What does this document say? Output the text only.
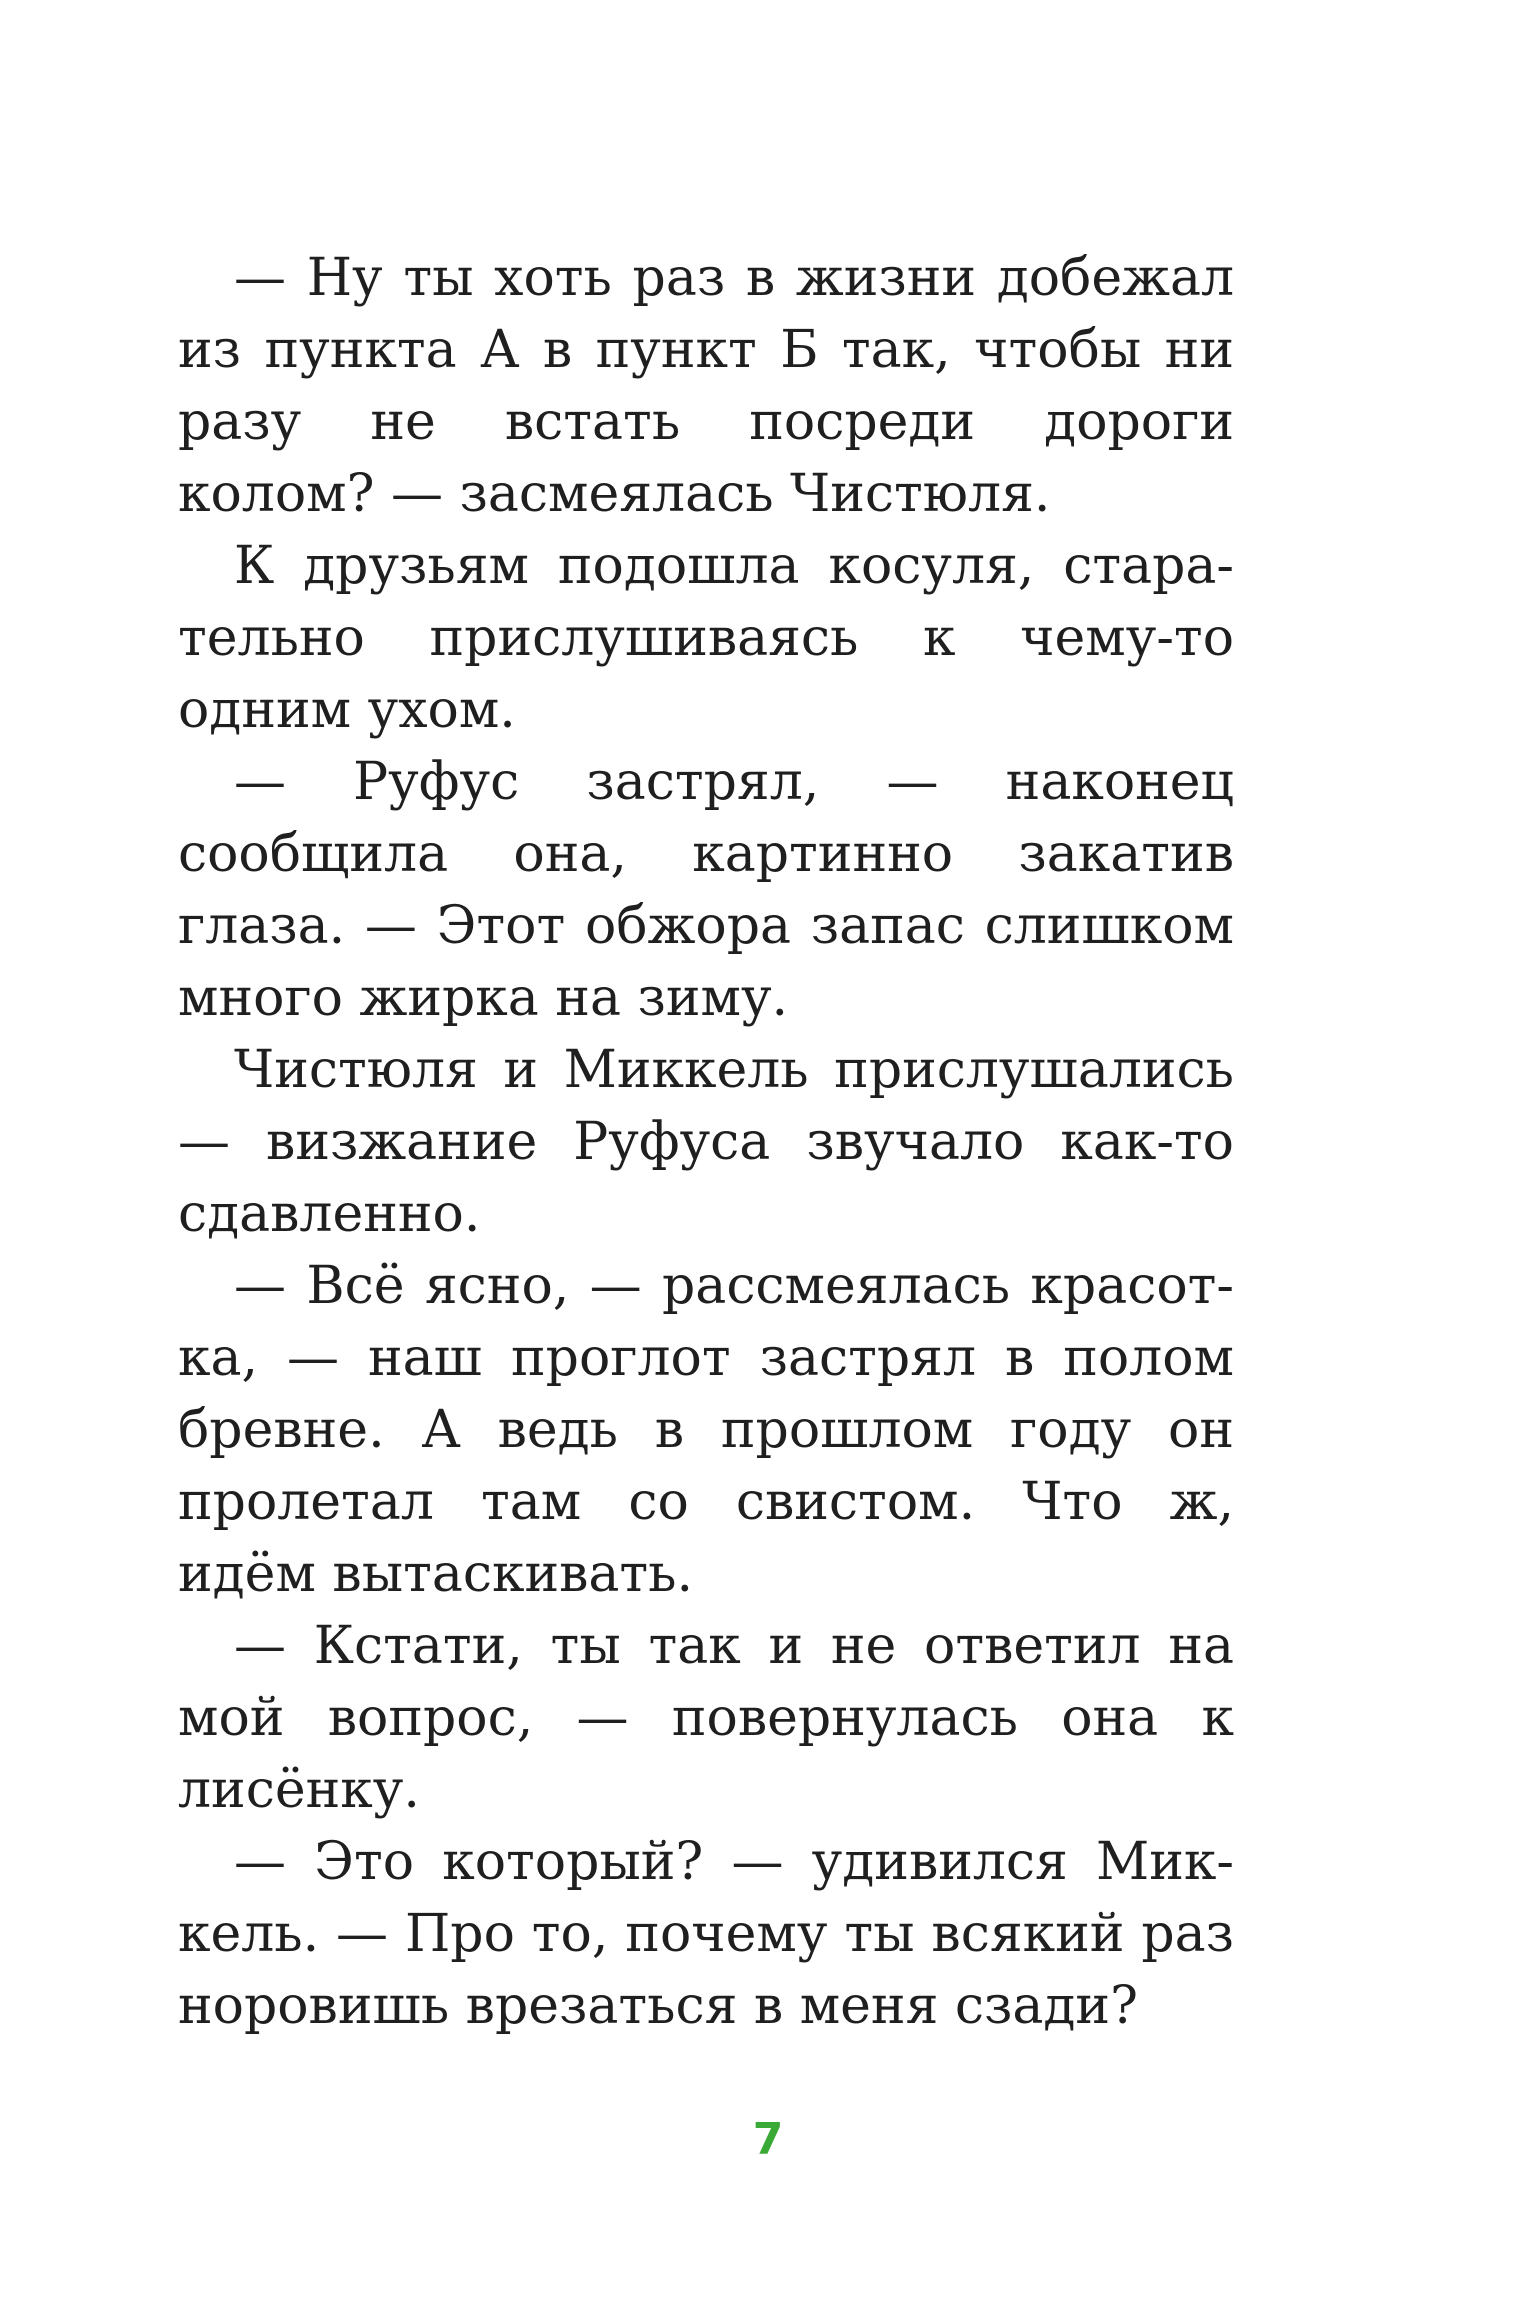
— Ну ты хоть раз в жизни добежал из пункта А в пункт Б так, чтобы ни разу не встать посреди дороги колом? — засмеялась Чистюля.

К друзьям подошла косуля, старательно прислушиваясь к чему-то одним ухом.

— Руфус застрял, — наконец сообщила она, картинно закатив глаза. — Этот обжора запас слишком много жирка на зиму.

Чистюля и Миккель прислушались — визжание Руфуса звучало как-то сдавленно.

— Всё ясно, — рассмеялась красотка, — наш проглот застрял в полом бревне. А ведь в прошлом году он пролетал там со свистом. Что ж, идём вытаскивать.

— Кстати, ты так и не ответил на мой вопрос, — повернулась она к лисёнку.

— Это который? — удивился Миккель. — Про то, почему ты всякий раз норовишь врезаться в меня сзади?

7
